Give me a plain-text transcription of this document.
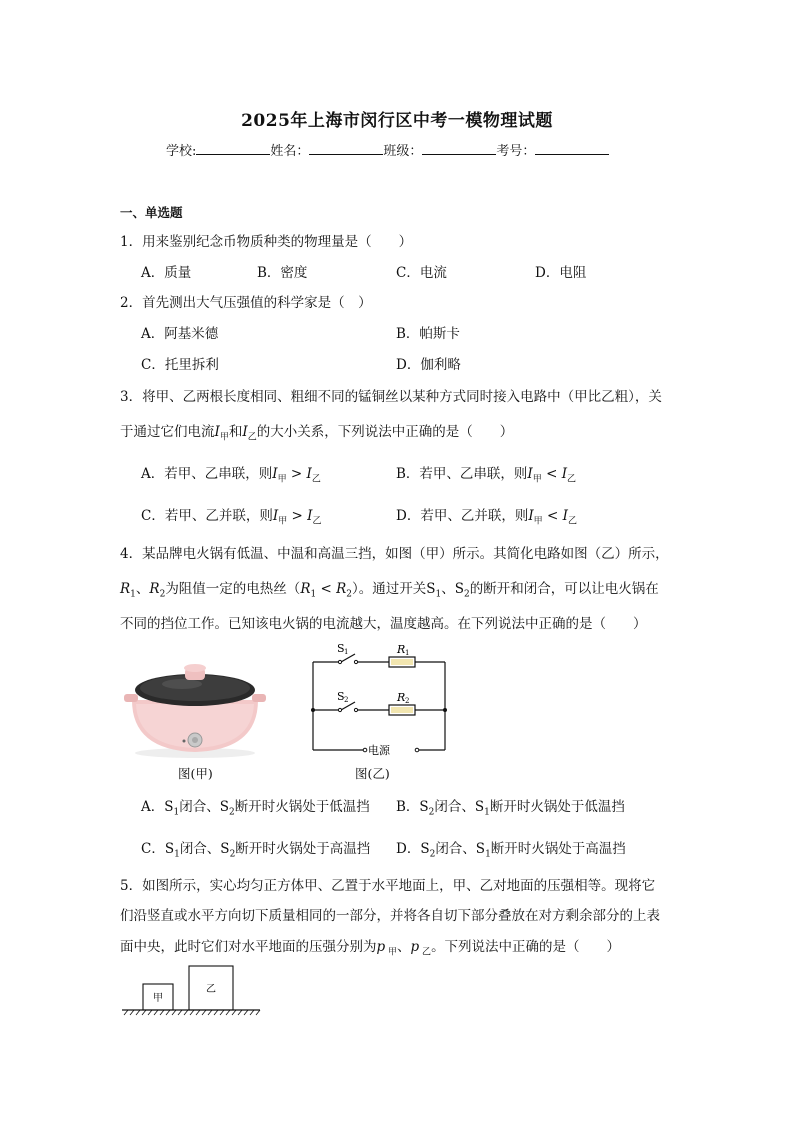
2025年上海市闵行区中考一模物理试题
学校:	姓名：	班级：	考号：
一、单选题
1．用来鉴别纪念币物质种类的物理量是（　　）
A．质量	B．密度	C．电流	D．电阻
2．首先测出大气压强值的科学家是（　）
A．阿基米德	B．帕斯卡
C．托里拆利	D．伽利略
3．将甲、乙两根长度相同、粗细不同的锰铜丝以某种方式同时接入电路中（甲比乙粗），关
于通过它们电流$I_甲$和$I_乙$的大小关系，下列说法中正确的是（　　）
A．若甲、乙串联，则$I_甲 > I_乙$	B．若甲、乙串联，则$I_甲 < I_乙$
C．若甲、乙并联，则$I_甲 > I_乙$	D．若甲、乙并联，则$I_甲 < I_乙$
4．某品牌电火锅有低温、中温和高温三挡，如图（甲）所示。其简化电路如图（乙）所示，
$R_1$、$R_2$为阻值一定的电热丝$(R_1 < R_2)$。通过开关$S_1$、$S_2$的断开和闭合，可以让电火锅在
不同的挡位工作。已知该电火锅的电流越大，温度越高。在下列说法中正确的是（　　）
图(甲)
S 1
S 2
R 1
R 2
电源
图(乙)
A．$S_1$闭合、$S_2$断开时火锅处于低温挡 B．$S_2$闭合、$S_1$断开时火锅处于低温挡
C．$S_1$闭合、$S_2$断开时火锅处于高温挡 D．$S_2$闭合、$S_1$断开时火锅处于高温挡
5．如图所示，实心均匀正方体甲、乙置于水平地面上，甲、乙对地面的压强相等。现将它
们沿竖直或水平方向切下质量相同的一部分，并将各自切下部分叠放在对方剩余部分的上表
面中央，此时它们对水平地面的压强分别为p $_甲$、p $_乙$。下列说法中正确的是（　　）
甲
乙
